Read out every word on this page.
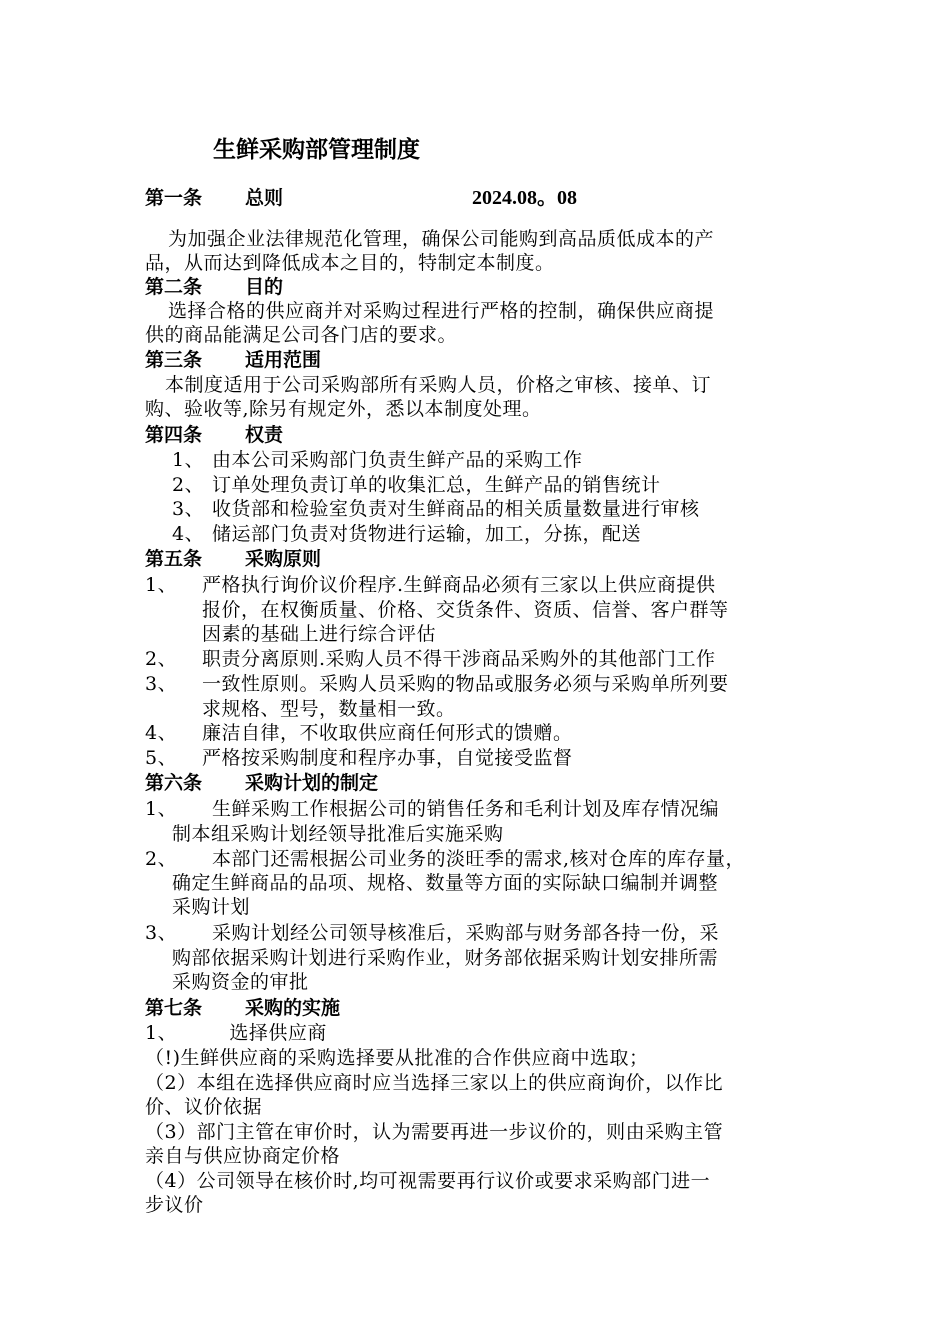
生鲜采购部管理制度
第一条 总则	2024.08。08
为加强企业法律规范化管理，确保公司能购到高品质低成本的产
品，从而达到降低成本之目的，特制定本制度。
第二条 目的
选择合格的供应商并对采购过程进行严格的控制，确保供应商提
供的商品能满足公司各门店的要求。
第三条 适用范围
本制度适用于公司采购部所有采购人员，价格之审核、接单、订
购、验收等,除另有规定外，悉以本制度处理。
第四条 权责
1、 由本公司采购部门负责生鲜产品的采购工作
2、 订单处理负责订单的收集汇总，生鲜产品的销售统计
3、 收货部和检验室负责对生鲜商品的相关质量数量进行审核
4、 储运部门负责对货物进行运输，加工，分拣，配送
第五条 采购原则
1、 严格执行询价议价程序.生鲜商品必须有三家以上供应商提供
报价，在权衡质量、价格、交货条件、资质、信誉、客户群等
因素的基础上进行综合评估
2、 职责分离原则.采购人员不得干涉商品采购外的其他部门工作
3、 一致性原则。采购人员采购的物品或服务必须与采购单所列要
求规格、型号，数量相一致。
4、 廉洁自律，不收取供应商任何形式的馈赠。
5、 严格按采购制度和程序办事，自觉接受监督
第六条 采购计划的制定
1、 生鲜采购工作根据公司的销售任务和毛利计划及库存情况编
制本组采购计划经领导批准后实施采购
2、 本部门还需根据公司业务的淡旺季的需求,核对仓库的库存量，
确定生鲜商品的品项、规格、数量等方面的实际缺口编制并调整
采购计划
3、 采购计划经公司领导核准后，采购部与财务部各持一份，采
购部依据采购计划进行采购作业，财务部依据采购计划安排所需
采购资金的审批
第七条 采购的实施
1、        选择供应商
（!)生鲜供应商的采购选择要从批准的合作供应商中选取；
（2）本组在选择供应商时应当选择三家以上的供应商询价，以作比
价、议价依据
（3）部门主管在审价时，认为需要再进一步议价的，则由采购主管
亲自与供应协商定价格
（4）公司领导在核价时,均可视需要再行议价或要求采购部门进一
步议价
